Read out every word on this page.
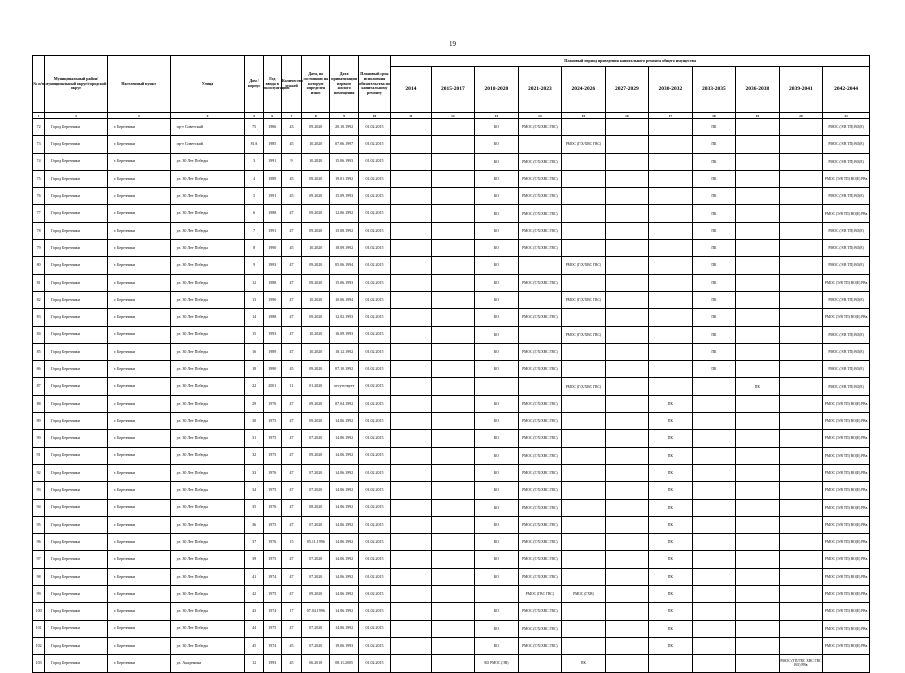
19
№ п/п	Муниципальный район/муниципальный округ/городской округ	Населенный пункт	Улица	Дом / корпус	Год ввода в эксплуатацию	Количество этажей	Дата, по состоянию на которую определен износ	Дата приватизации первого жилого помещения	Плановый срок исполнения обязательства по капитальному ремонту	Плановый период проведения капитального ремонта общего имущества										
										2014	2015-2017	2018-2020	2021-2023	2024-2026	2027-2029	2030-2032	2033-2035	2036-2038	2039-2041	2042-2044
1	2	3	4	5	6	7	8	9	10	11	12	13	14	15	16	17	18	19	20	21
72	Город Березники	г. Березники	пр-т Советский	75	1986	43	09.2020	20.10.1992	01.02.2015			КО	РМОС (Г/Х/ХВС ГВС)				ПК			РМОС (Э/В ТП) ВО(Е)
73	Город Березники	г. Березники	пр-т Советский	81А	1985	45	10.2020	07.06.1997	01.02.2015			КО		РМОС (Г/Х/ХВС ГВС)			ПК			РМОС (Э/В ТП) ВО(Е)
74	Город Березники	г. Березники	ул. 30 Лет Победы	3	1991	9	10.2020	15.06.1993	01.02.2015			КО	РМОС (Г/Х/ХВС ГВС)				ПК			РМОС (Э/В ТП) ВО(Е)
75	Город Березники	г. Березники	ул. 30 Лет Победы	4	1989	45	09.2020	19.01.1992	01.02.2015			КО	РМОС (Г/Х/ХВС ГВС)				ПК			РМОС (Э/В ТП) ВО(Е) РВв
76	Город Березники	г. Березники	ул. 30 Лет Победы	5	1991	45	09.2020	15.09.1993	01.02.2015			КО	РМОС (Г/Х/ХВС ГВС)				ПК			РМОС (Э/В ТП) ВО(Е)
77	Город Березники	г. Березники	ул. 30 Лет Победы	6	1988	47	09.2020	12.06.1992	01.02.2015			КО	РМОС (Г/Х/ХВС ГВС)				ПК			РМОС (Э/В ТП) ВО(Е) РВв
78	Город Березники	г. Березники	ул. 30 Лет Победы	7	1991	47	09.2020	15.08.1992	01.02.2015			КО	РМОС (Г/Х/ХВС ГВС)				ПК			РМОС (Э/В ТП) ВО(Е)
79	Город Березники	г. Березники	ул. 30 Лет Победы	8	1990	45	10.2020	18.09.1992	01.02.2015			КО	РМОС (Г/Х/ХВС ГВС)				ПК			РМОС (Э/В ТП) ВО(Е)
80	Город Березники	г. Березники	ул. 30 Лет Победы	9	1993	47	09.2020	05.06.1994	01.02.2015			КО		РМОС (Г/Х/ХВС ГВС)			ПК			РМОС (Э/В ТП) ВО(Е)
81	Город Березники	г. Березники	ул. 30 Лет Победы	12	1988	47	09.2020	15.06.1993	01.02.2015			КО	РМОС (Г/Х/ХВС ГВС)				ПК			РМОС (Э/В ТП) ВО(Е) РВв
82	Город Березники	г. Березники	ул. 30 Лет Победы	13	1990	47	10.2020	10.06.1994	01.02.2015			КО		РМОС (Г/Х/ХВС ГВС)			ПК			РМОС (Э/В ТП) ВО(Е)
83	Город Березники	г. Березники	ул. 30 Лет Победы	14	1988	47	09.2020	12.02.1993	01.02.2015			КО	РМОС (Г/Х/ХВС ГВС)				ПК			РМОС (Э/В ТП) ВО(Е) РВв
84	Город Березники	г. Березники	ул. 30 Лет Победы	15	1993	47	10.2020	16.09.1993	01.02.2015			КО		РМОС (Г/Х/ХВС ГВС)			ПК			РМОС (Э/В ТП) ВО(Е)
85	Город Березники	г. Березники	ул. 30 Лет Победы	16	1989	47	10.2020	18.12.1992	01.02.2015			КО	РМОС (Г/Х/ХВС ГВС)				ПК			РМОС (Э/В ТП) ВО(Е)
86	Город Березники	г. Березники	ул. 30 Лет Победы	18	1990	45	09.2020	07.10.1992	01.02.2015			КО	РМОС (Г/Х/ХВС ГВС)				ПК			РМОС (Э/В ТП) ВО(Е)
87	Город Березники	г. Березники	ул. 30 Лет Победы	22	2001	11	01.2020	отсутствует	01.02.2015					РМОС (Г/Х/ХВС ГВС)				ПК		РМОС (Э/В ТП) ВО(Е)
88	Город Березники	г. Березники	ул. 30 Лет Победы	29	1976	47	09.2020	07.04.1992	01.02.2015			КО	РМОС (Г/Х/ХВС ГВС)			ПК				РМОС (Э/В ТП) ВО(Е) РВв
89	Город Березники	г. Березники	ул. 30 Лет Победы	30	1975	47	09.2020	14.06.1992	01.02.2015			КО	РМОС (Г/Х/ХВС ГВС)			ПК				РМОС (Э/В ТП) ВО(Е) РВв
90	Город Березники	г. Березники	ул. 30 Лет Победы	31	1975	47	07.2020	14.06.1992	01.02.2015			КО	РМОС (Г/Х/ХВС ГВС)			ПК				РМОС (Э/В ТП) ВО(Е) РВв
91	Город Березники	г. Березники	ул. 30 Лет Победы	32	1975	47	09.2020	14.06.1992	01.02.2015			КО	РМОС (Г/Х/ХВС ГВС)			ПК				РМОС (Э/В ТП) ВО(Е) РВв
92	Город Березники	г. Березники	ул. 30 Лет Победы	33	1976	47	07.2020	14.06.1992	01.02.2015			КО	РМОС (Г/Х/ХВС ГВС)			ПК				РМОС (Э/В ТП) ВО(Е) РВв
93	Город Березники	г. Березники	ул. 30 Лет Победы	34	1975	47	07.2020	14.06.1992	01.02.2015			КО	РМОС (Г/Х/ХВС ГВС)			ПК				РМОС (Э/В ТП) ВО(Е) РВв
94	Город Березники	г. Березники	ул. 30 Лет Победы	35	1976	47	08.2020	14.06.1992	01.02.2015			КО	РМОС (Г/Х/ХВС ГВС)			ПК				РМОС (Э/В ТП) ВО(Е) РВв
95	Город Березники	г. Березники	ул. 30 Лет Победы	36	1975	47	07.2020	14.06.1992	01.02.2015			КО	РМОС (Г/Х/ХВС ГВС)			ПК				РМОС (Э/В ТП) ВО(Е) РВв
96	Город Березники	г. Березники	ул. 30 Лет Победы	37	1976	15	05.11.1996	14.06.1992	01.02.2015			КО	РМОС (Г/Х/ХВС ГВС)			ПК				РМОС (Э/В ТП) ВО(Е) РВв
97	Город Березники	г. Березники	ул. 30 Лет Победы	39	1975	47	07.2020	14.06.1992	01.02.2015			КО	РМОС (Г/Х/ХВС ГВС)			ПК				РМОС (Э/В ТП) ВО(Е) РВв
98	Город Березники	г. Березники	ул. 30 Лет Победы	41	1974	47	07.2020	14.06.1992	01.02.2015			КО	РМОС (Г/Х/ХВС ГВС)			ПК				РМОС (Э/В ТП) ВО(Е) РВв
99	Город Березники	г. Березники	ул. 30 Лет Победы	42	1975	47	09.2020	14.06.1992	01.02.2015				РМОС (ГВС ГВС)	РМОС (ГХВ)		ПК				РМОС (Э/В ТП) ВО(Е) РВв
100	Город Березники	г. Березники	ул. 30 Лет Победы	43	1974	17	07.04.1996	14.06.1992	01.02.2015			КО	РМОС (Г/Х/ХВС ГВС)			ПК				РМОС (Э/В ТП) ВО(Е) РВв
101	Город Березники	г. Березники	ул. 30 Лет Победы	44	1975	47	07.2020	14.06.1992	01.02.2015			КО	РМОС (Г/Х/ХВС ГВС)			ПК				РМОС (Э/В ТП) ВО(Е) РВв
102	Город Березники	г. Березники	ул. 30 Лет Победы	45	1974	45	07.2020	19.06.1993	01.02.2015			КО	РМОС (Г/Х/ХВС ГВС)			ПК				РМОС (Э/В ТП) ВО(Е) РВв
103	Город Березники	г. Березники	ул. Академика	12	1993	45	06.2018	08.11.2005	01.02.2015			КО РМОС (ЭВ)		ПК					РМОС (ТП/ГВС ХВС ГВС ВО) РВв	
